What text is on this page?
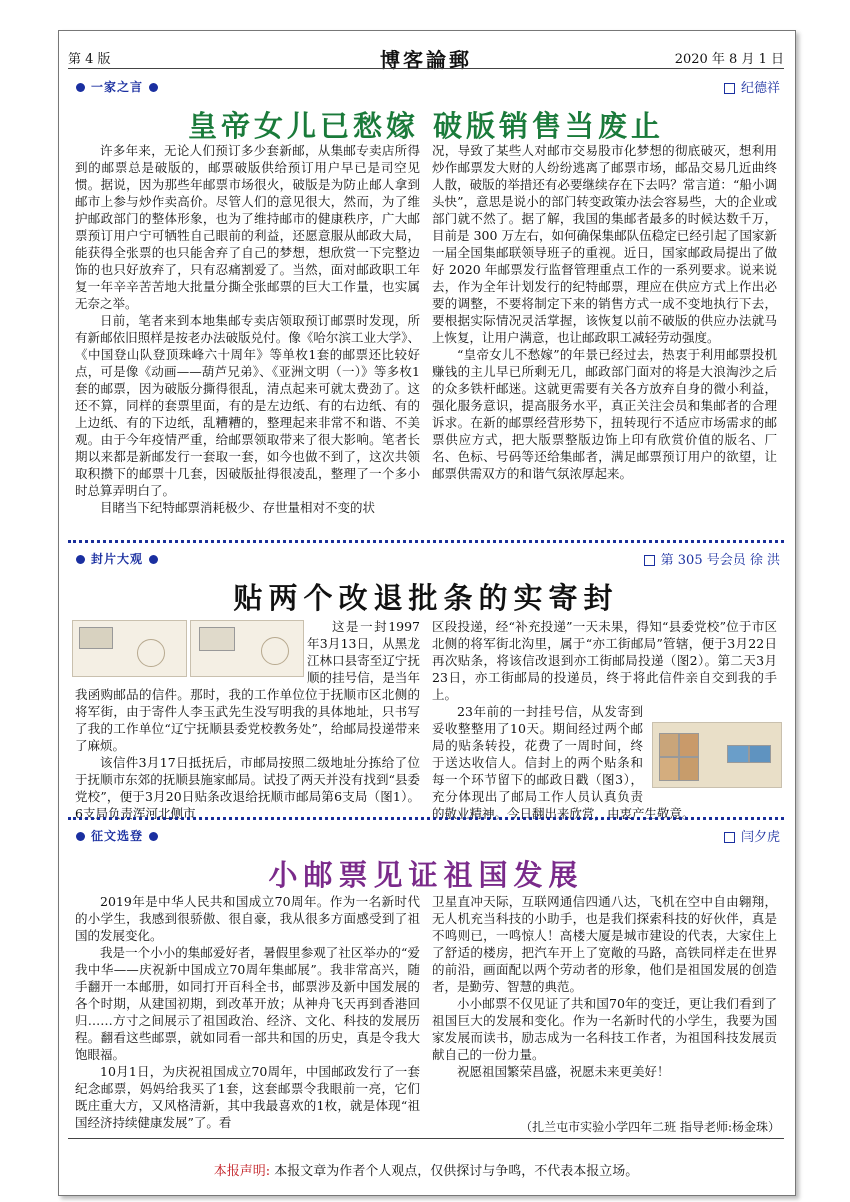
第 4 版	博客論郵	2020 年 8 月 1 日
一家之言	纪德祥
皇帝女儿已愁嫁 破版销售当废止

许多年来，无论人们预订多少套新邮，从集邮专卖店所得到的邮票总是破版的，邮票破版供给预订用户早已是司空见惯。据说，因为那些年邮票市场很火，破版是为防止邮人拿到邮市上参与炒作卖高价。尽管人们的意见很大，然而，为了维护邮政部门的整体形象，也为了维持邮市的健康秩序，广大邮票预订用户宁可牺牲自己眼前的利益，还愿意服从邮政大局，能获得全张票的也只能舍弃了自己的梦想，想欣赏一下完整边饰的也只好放弃了，只有忍痛割爱了。当然，面对邮政职工年复一年辛辛苦苦地大批量分撕全张邮票的巨大工作量，也实属无奈之举。

日前，笔者来到本地集邮专卖店领取预订邮票时发现，所有新邮依旧照样是按老办法破版兑付。像《哈尔滨工业大学》、《中国登山队登顶珠峰六十周年》等单枚1套的邮票还比较好点，可是像《动画——葫芦兄弟》、《亚洲文明（一）》等多枚1套的邮票，因为破版分撕得很乱，清点起来可就太费劲了。这还不算，同样的套票里面，有的是左边纸、有的右边纸、有的上边纸、有的下边纸，乱糟糟的，整理起来非常不和谐、不美观。由于今年疫情严重，给邮票领取带来了很大影响。笔者长期以来都是新邮发行一套取一套，如今也做不到了，这次共领取积攒下的邮票十几套，因破版扯得很凌乱，整理了一个多小时总算弄明白了。

目睹当下纪特邮票消耗极少、存世量相对不变的状

况，导致了某些人对邮市交易股市化梦想的彻底破灭，想利用炒作邮票发大财的人纷纷逃离了邮票市场，邮品交易几近曲终人散，破版的举措还有必要继续存在下去吗？常言道：“船小调头快”，意思是说小的部门转变政策办法会容易些，大的企业或部门就不然了。据了解，我国的集邮者最多的时候达数千万，目前是 300 万左右，如何确保集邮队伍稳定已经引起了国家新一届全国集邮联领导班子的重视。近日，国家邮政局提出了做好 2020 年邮票发行监督管理重点工作的一系列要求。说来说去，作为全年计划发行的纪特邮票，理应在供应方式上作出必要的调整，不要将制定下来的销售方式一成不变地执行下去，要根据实际情况灵活掌握，该恢复以前不破版的供应办法就马上恢复，让用户满意，也让邮政职工减轻劳动强度。

“皇帝女儿不愁嫁”的年景已经过去，热衷于利用邮票投机赚钱的主儿早已所剩无几，邮政部门面对的将是大浪淘沙之后的众多铁杆邮迷。这就更需要有关各方放弃自身的微小利益，强化服务意识，提高服务水平，真正关注会员和集邮者的合理诉求。在新的邮票经营形势下，扭转现行不适应市场需求的邮票供应方式，把大版票整版边饰上印有欣赏价值的版名、厂名、色标、号码等还给集邮者，满足邮票预订用户的欲望，让邮票供需双方的和谐气氛浓厚起来。

封片大观	第 305 号会员 徐 洪
贴两个改退批条的实寄封

这是一封1997年3月13日，从黑龙江林口县寄至辽宁抚顺的挂号信，是当年我函购邮品的信件。那时，我的工作单位位于抚顺市区北侧的将军街，由于寄件人李玉武先生没写明我的具体地址，只书写了我的工作单位“辽宁抚顺县委党校教务处”，给邮局投递带来了麻烦。

该信件3月17日抵抚后，市邮局按照二级地址分拣给了位于抚顺市东郊的抚顺县施家邮局。试投了两天并没有找到“县委党校”，便于3月20日贴条改退给抚顺市邮局第6支局（图1）。6支局负责浑河北侧市

区段投递，经“补充投递”一天未果，得知“县委党校”位于市区北侧的将军街北沟里，属于“亦工街邮局”管辖，便于3月22日再次贴条，将该信改退到亦工街邮局投递（图2）。第二天3月23日，亦工街邮局的投递员，终于将此信件亲自交到我的手上。

23年前的一封挂号信，从发寄到妥收整整用了10天。期间经过两个邮局的贴条转投，花费了一周时间，终于送达收信人。信封上的两个贴条和每一个环节留下的邮政日戳（图3），充分体现出了邮局工作人员认真负责的敬业精神。今日翻出来欣赏，由衷产生敬意。

征文选登	闫夕虎
小邮票见证祖国发展

2019年是中华人民共和国成立70周年。作为一名新时代的小学生，我感到很骄傲、很自豪，我从很多方面感受到了祖国的发展变化。

我是一个小小的集邮爱好者，暑假里参观了社区举办的“爱我中华——庆祝新中国成立70周年集邮展”。我非常高兴，随手翻开一本邮册，如同打开百科全书，邮票涉及新中国发展的各个时期，从建国初期，到改革开放；从神舟飞天再到香港回归……方寸之间展示了祖国政治、经济、文化、科技的发展历程。翻看这些邮票，就如同看一部共和国的历史，真是令我大饱眼福。

10月1日，为庆祝祖国成立70周年，中国邮政发行了一套纪念邮票，妈妈给我买了1套，这套邮票令我眼前一亮，它们既庄重大方，又风格清新，其中我最喜欢的1枚，就是体现“祖国经济持续健康发展”了。看

卫星直冲天际，互联网通信四通八达，飞机在空中自由翱翔，无人机充当科技的小助手，也是我们探索科技的好伙伴，真是不鸣则已，一鸣惊人！高楼大厦是城市建设的代表，大家住上了舒适的楼房，把汽车开上了宽敞的马路，高铁同样走在世界的前沿，画面配以两个劳动者的形象，他们是祖国发展的创造者，是勤劳、智慧的典范。

小小邮票不仅见证了共和国70年的变迁，更让我们看到了祖国巨大的发展和变化。作为一名新时代的小学生，我要为国家发展而读书，励志成为一名科技工作者，为祖国科技发展贡献自己的一份力量。

祝愿祖国繁荣昌盛，祝愿未来更美好！

（扎兰屯市实验小学四年二班 指导老师:杨金珠）
本报声明: 本报文章为作者个人观点，仅供探讨与争鸣，不代表本报立场。
